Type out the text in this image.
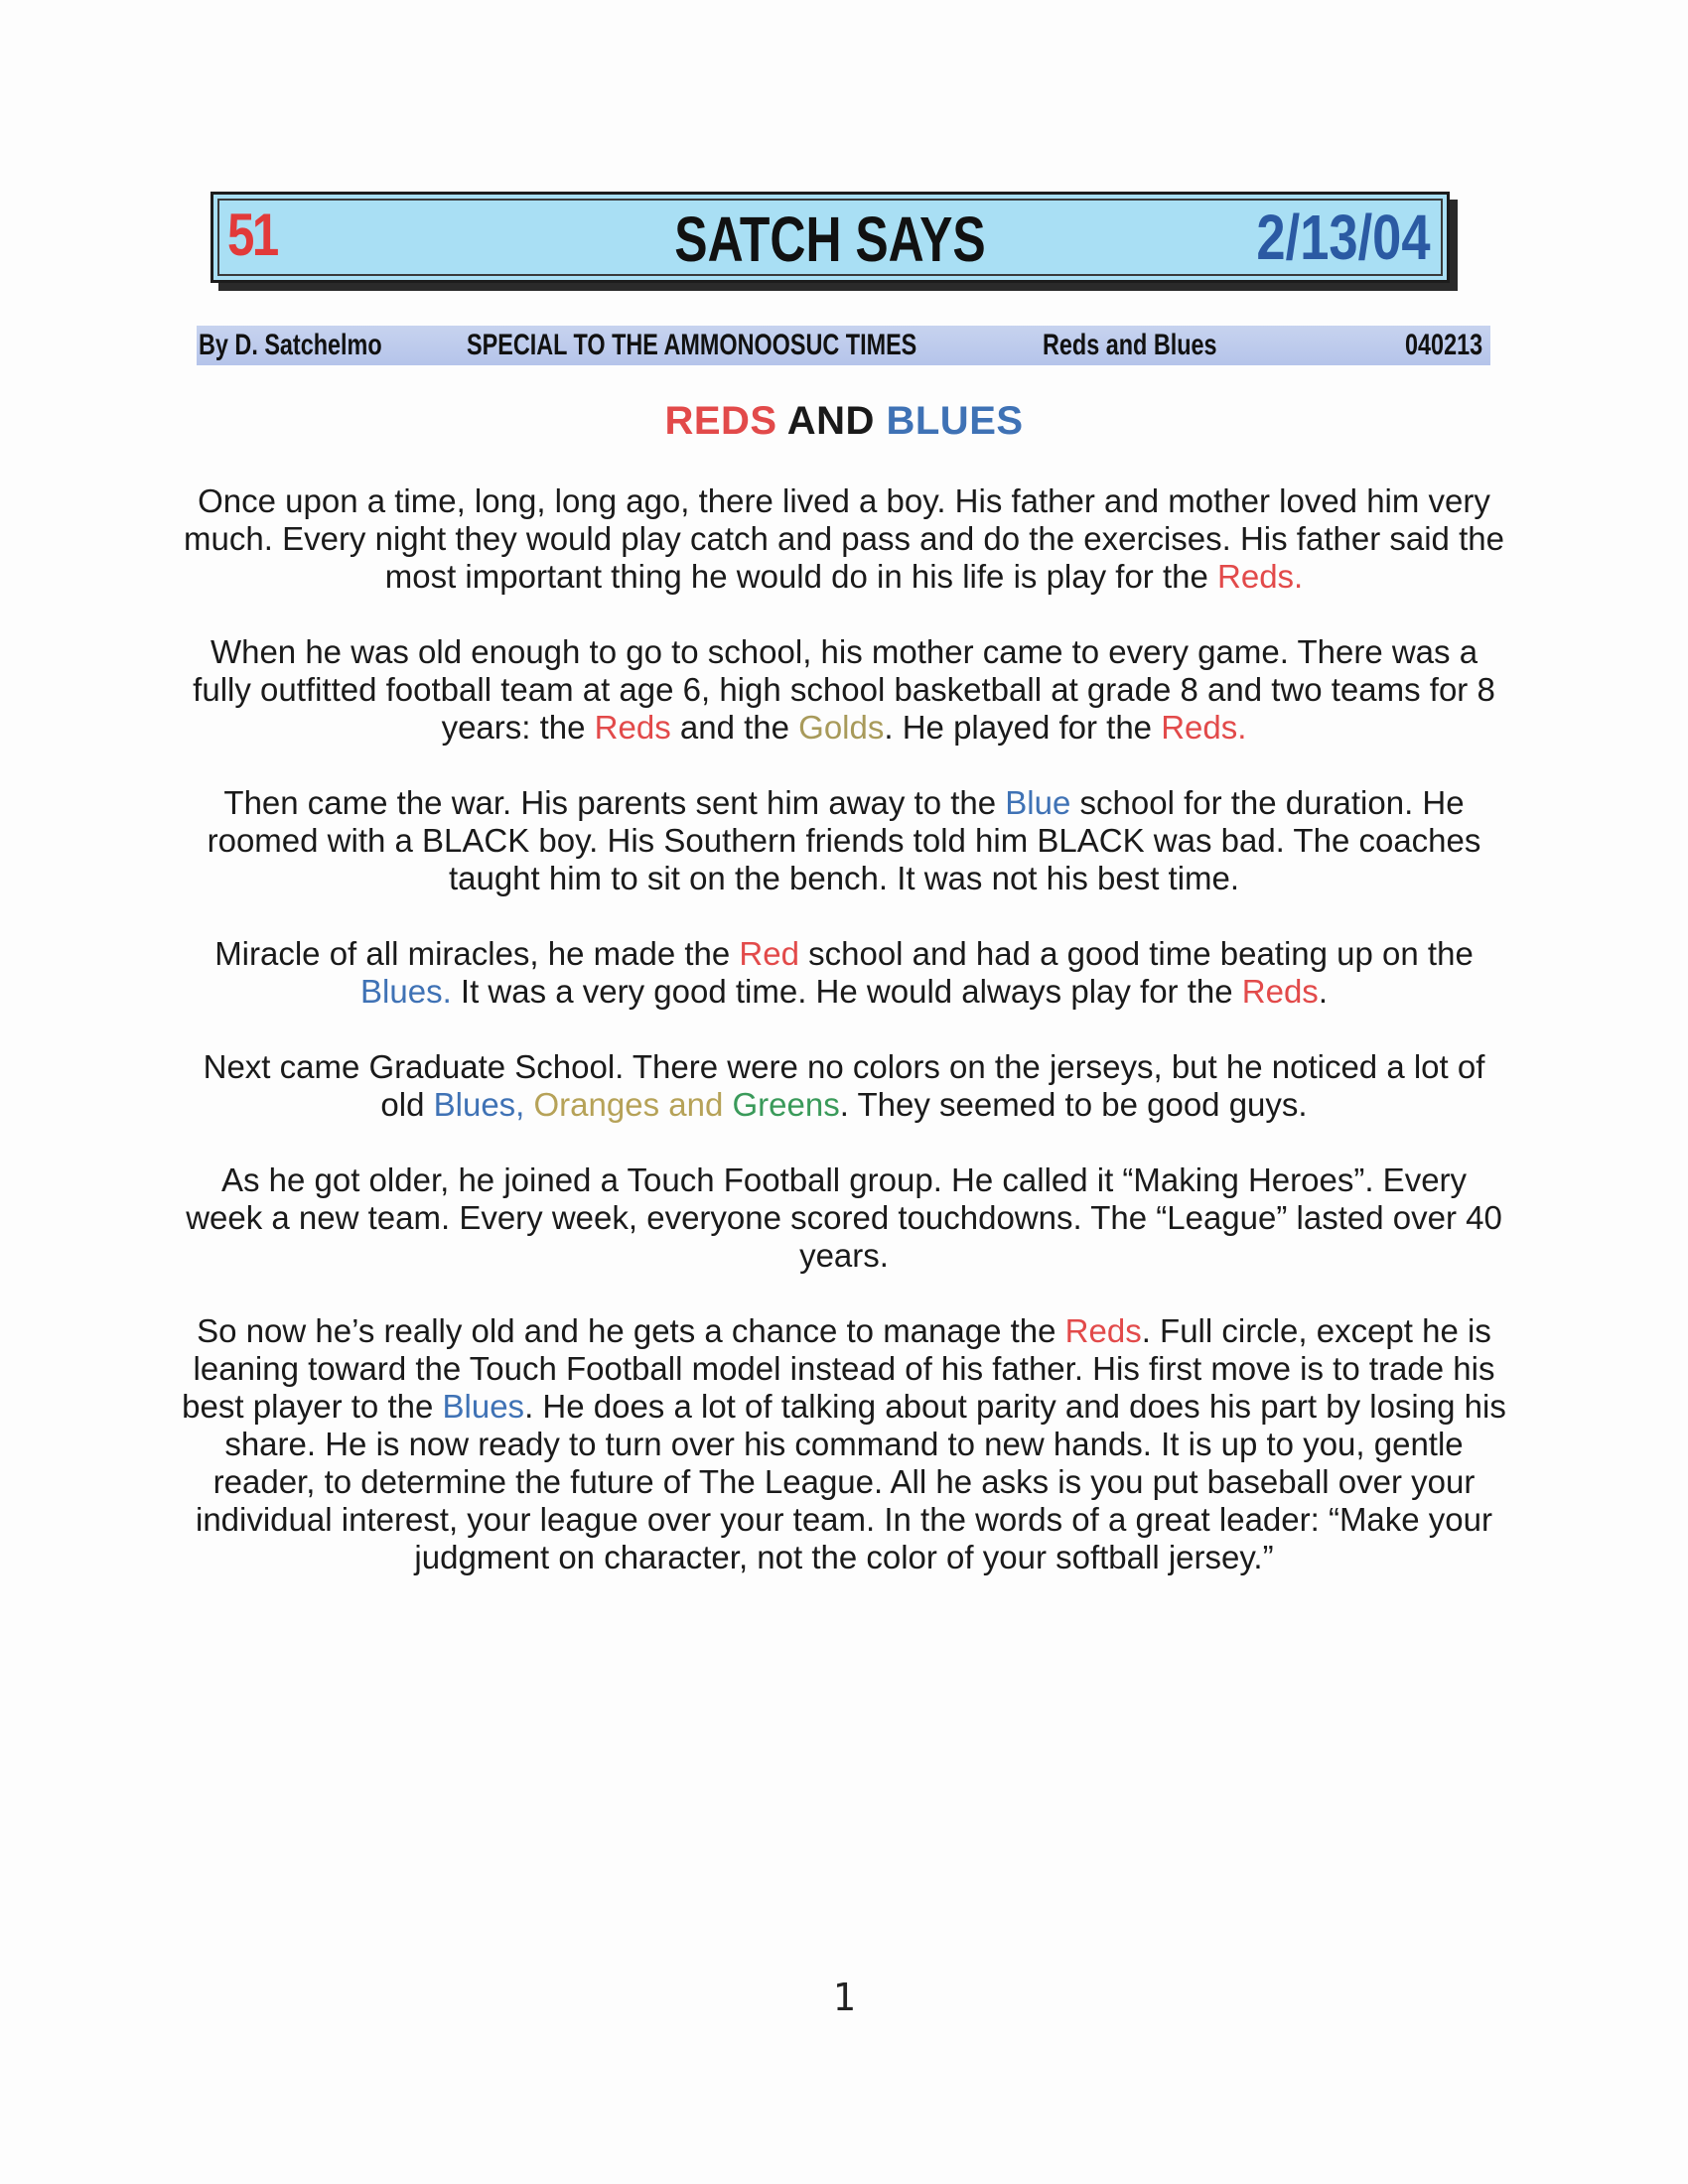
51	SATCH SAYS	2/13/04
By D. Satchelmo	SPECIAL TO THE AMMONOOSUC TIMES	Reds and Blues	040213
REDS AND BLUES

Once upon a time, long, long ago, there lived a boy. His father and mother loved him very much. Every night they would play catch and pass and do the exercises. His father said the most important thing he would do in his life is play for the Reds.

When he was old enough to go to school, his mother came to every game. There was a fully outfitted football team at age 6, high school basketball at grade 8 and two teams for 8 years: the Reds and the Golds. He played for the Reds.

Then came the war. His parents sent him away to the Blue school for the duration. He roomed with a BLACK boy. His Southern friends told him BLACK was bad. The coaches taught him to sit on the bench. It was not his best time.

Miracle of all miracles, he made the Red school and had a good time beating up on the Blues. It was a very good time. He would always play for the Reds.

Next came Graduate School. There were no colors on the jerseys, but he noticed a lot of old Blues, Oranges and Greens. They seemed to be good guys.

As he got older, he joined a Touch Football group. He called it “Making Heroes”. Every week a new team. Every week, everyone scored touchdowns. The “League” lasted over 40 years.

So now he’s really old and he gets a chance to manage the Reds. Full circle, except he is leaning toward the Touch Football model instead of his father. His first move is to trade his best player to the Blues. He does a lot of talking about parity and does his part by losing his share. He is now ready to turn over his command to new hands. It is up to you, gentle reader, to determine the future of The League. All he asks is you put baseball over your individual interest, your league over your team. In the words of a great leader: “Make your judgment on character, not the color of your softball jersey.”

1
